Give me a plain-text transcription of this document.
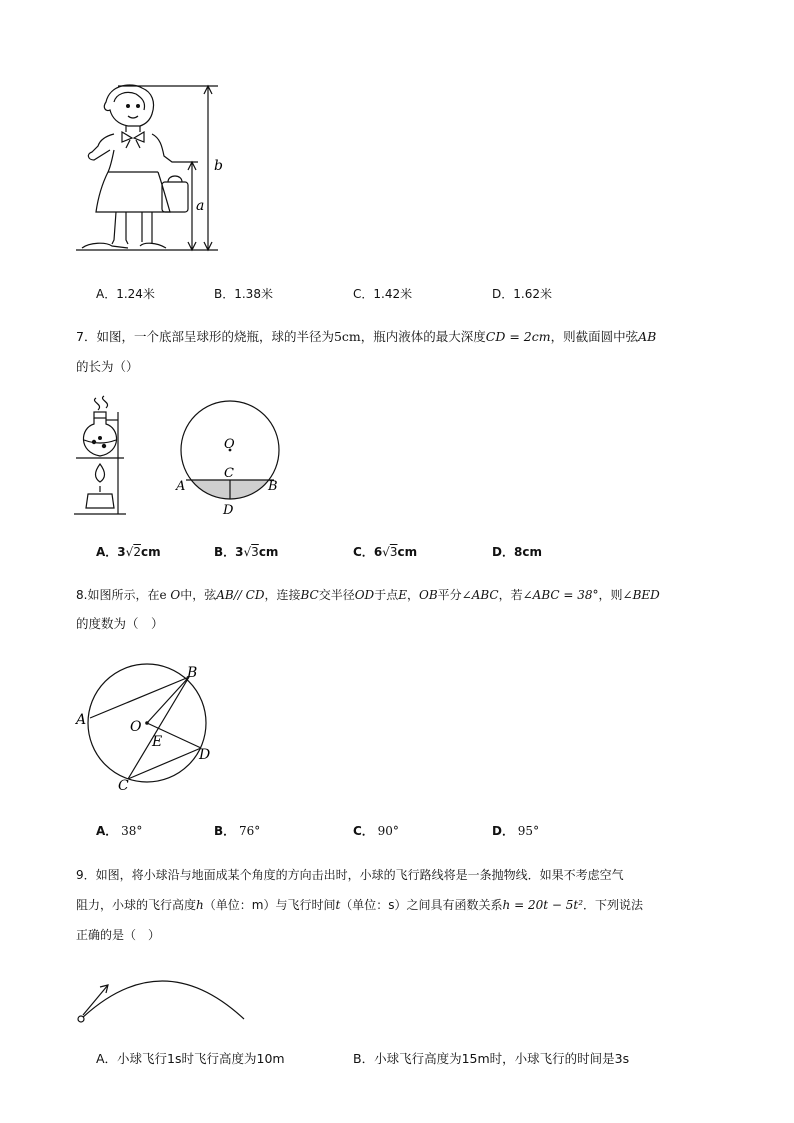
b
a
A．1.24米	B．1.38米	C．1.42米	D．1.62米
7．如图，一个底部呈球形的烧瓶，球的半径为5cm，瓶内液体的最大深度CD = 2cm，则截面圆中弦AB
的长为（）
O
C
A	B
D
A．3√2cm	B．3√3cm	C．6√3cm	D．8cm
8.如图所示，在e O中，弦AB// CD，连接BC交半径OD于点E，OB平分∠ABC，若∠ABC = 38°，则∠BED
的度数为（　）
A
B
C
D
O
E
A． 38°	B． 76°	C． 90°	D． 95°
9．如图，将小球沿与地面成某个角度的方向击出时，小球的飞行路线将是一条抛物线．如果不考虑空气
阻力，小球的飞行高度h（单位：m）与飞行时间t（单位：s）之间具有函数关系h = 20t − 5t²．下列说法
正确的是（　）
A．小球飞行1s时飞行高度为10m	B．小球飞行高度为15m时，小球飞行的时间是3s
